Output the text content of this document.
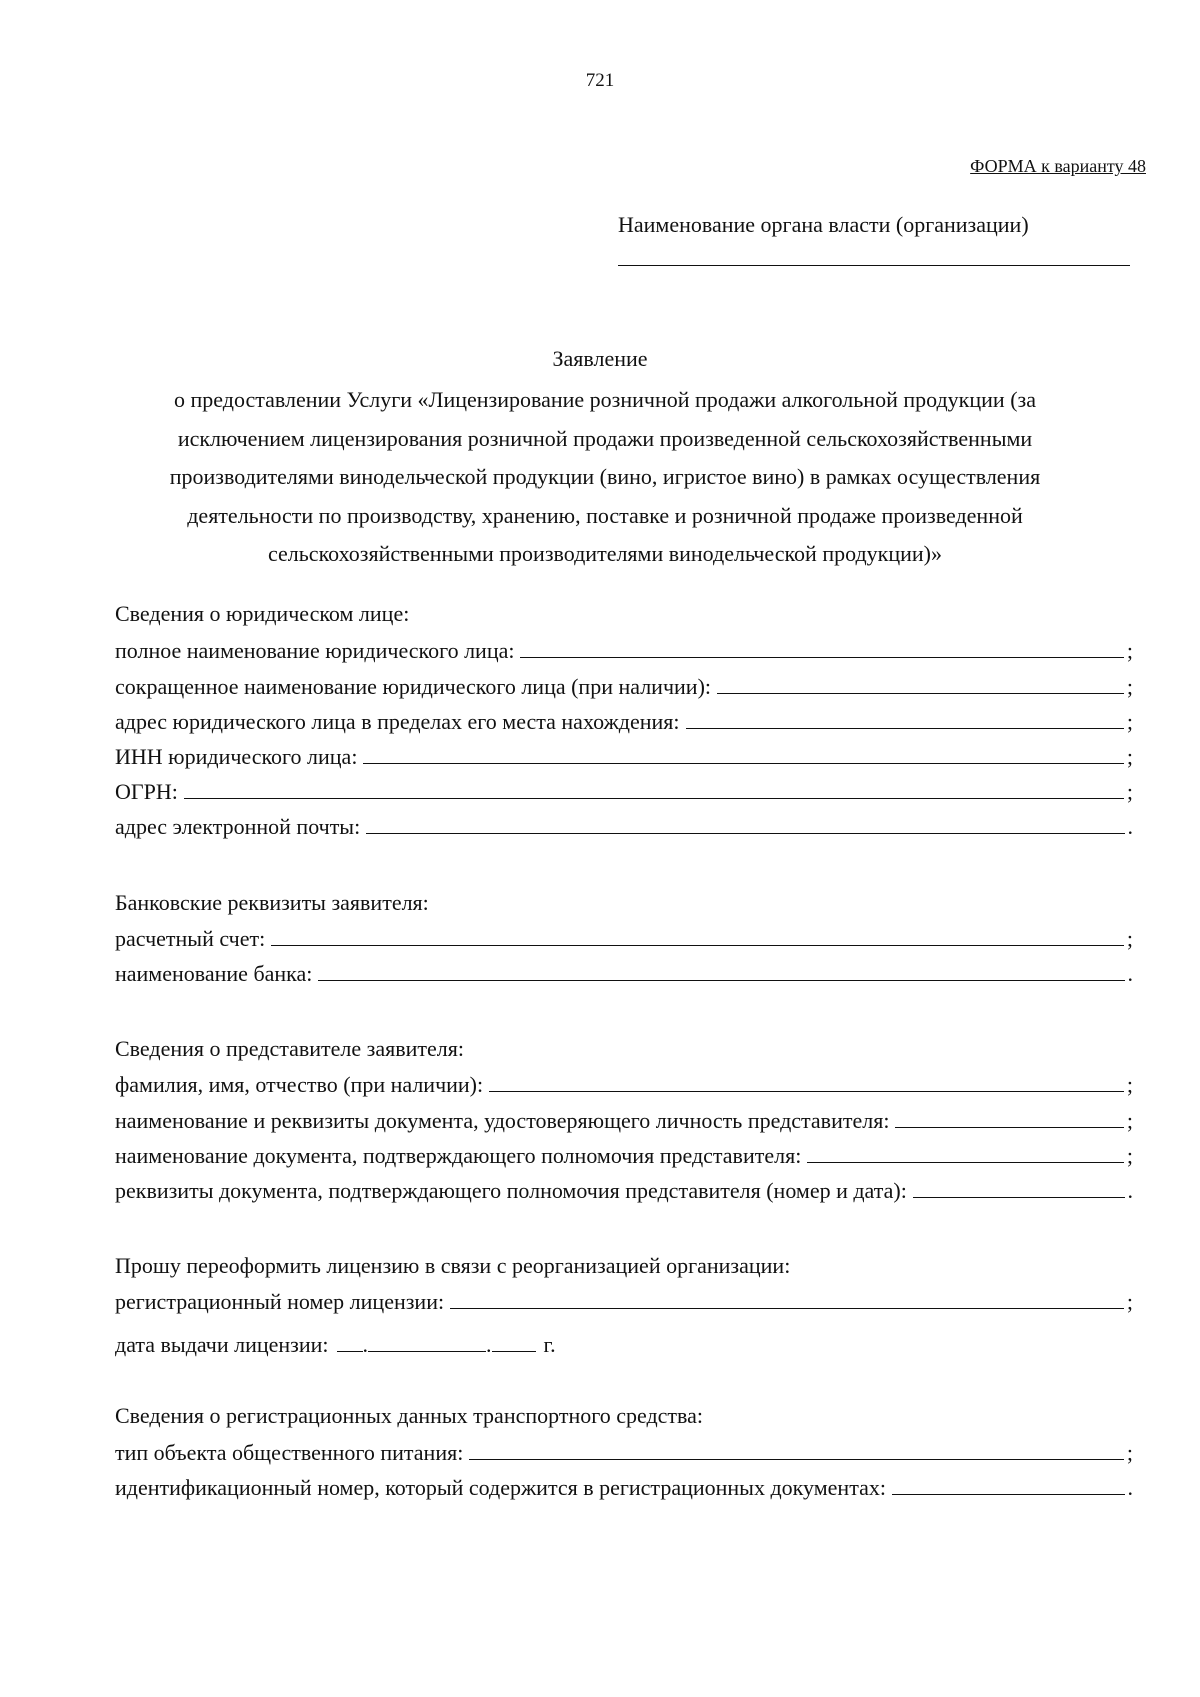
721
ФОРМА к варианту 48
Наименование органа власти (организации)
Заявление
о предоставлении Услуги «Лицензирование розничной продажи алкогольной продукции (за исключением лицензирования розничной продажи произведенной сельскохозяйственными производителями винодельческой продукции (вино, игристое вино) в рамках осуществления деятельности по производству, хранению, поставке и розничной продаже произведенной сельскохозяйственными производителями винодельческой продукции)»
Сведения о юридическом лице:
полное наименование юридического лица:	;
сокращенное наименование юридического лица (при наличии):	;
адрес юридического лица в пределах его места нахождения:	;
ИНН юридического лица:	;
ОГРН:	;
адрес электронной почты:	.
Банковские реквизиты заявителя:
расчетный счет:	;
наименование банка:	.
Сведения о представителе заявителя:
фамилия, имя, отчество (при наличии):	;
наименование и реквизиты документа, удостоверяющего личность представителя:	;
наименование документа, подтверждающего полномочия представителя:	;
реквизиты документа, подтверждающего полномочия представителя (номер и дата):	.
Прошу переоформить лицензию в связи с реорганизацией организации:
регистрационный номер лицензии:	;
дата выдачи лицензии: .	. г.
Сведения о регистрационных данных транспортного средства:
тип объекта общественного питания:	;
идентификационный номер, который содержится в регистрационных документах:	.
